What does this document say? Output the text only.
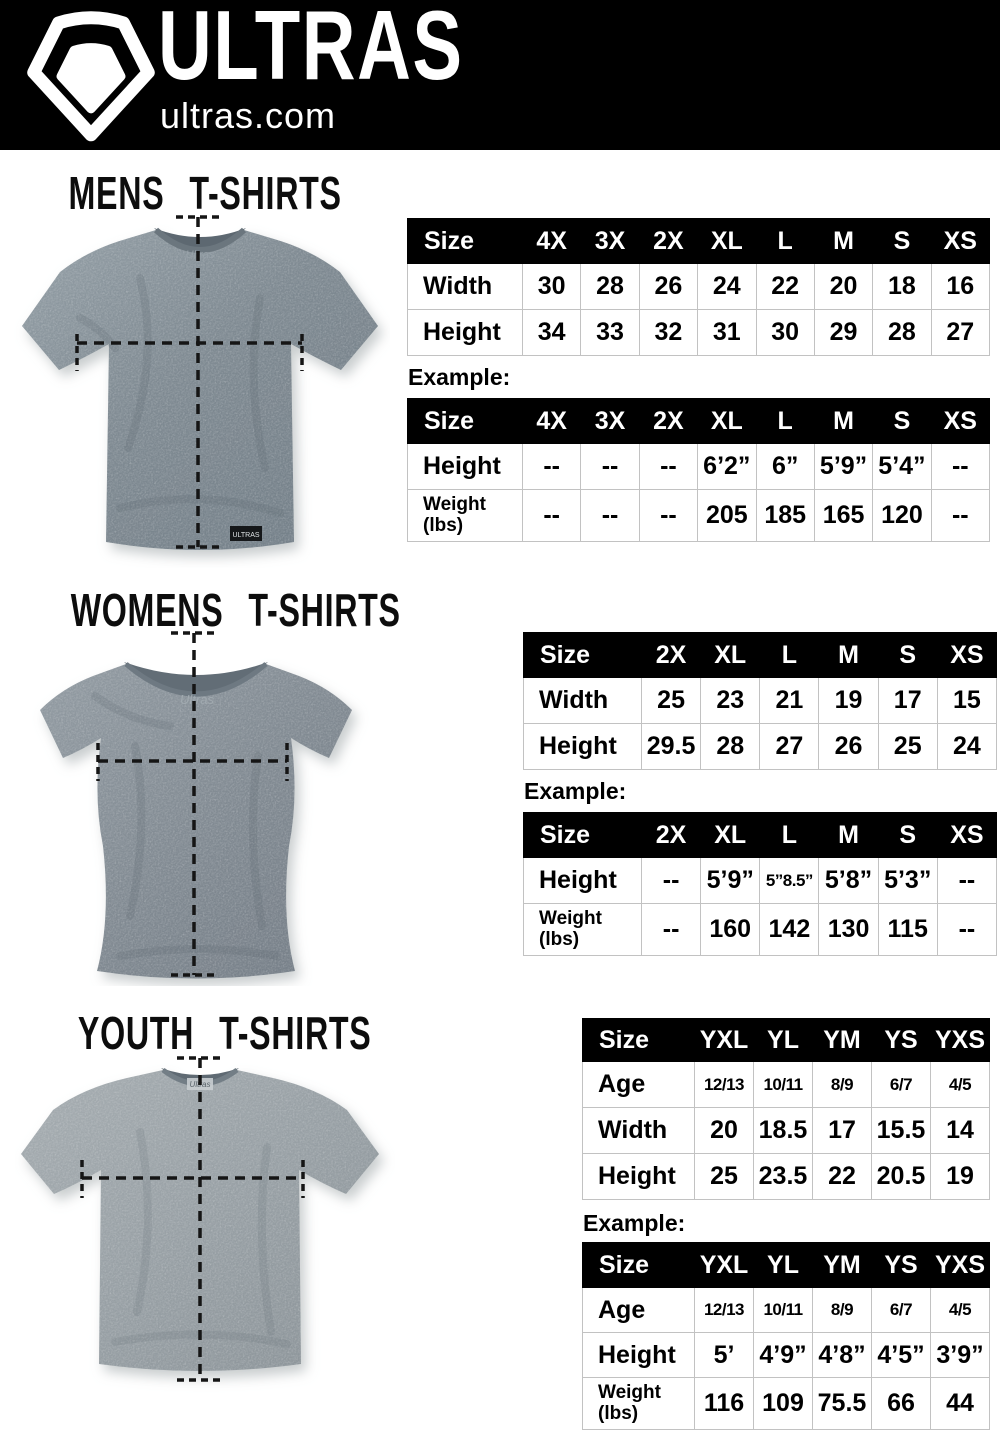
ULTRAS
ultras.com
MENS T-SHIRTS
ULTRAS
Ultras
Size	4X	3X	2X	XL	L	M	S	XS
Width	30	28	26	24	22	20	18	16
Height	34	33	32	31	30	29	28	27
Example:
Size	4X	3X	2X	XL	L	M	S	XS
Height	--	--	--	6’2”	6”	5’9”	5’4”	--

Weight
(lbs)	--	--	--	205	185	165	120	--
WOMENS T-SHIRTS
Ultras
Size	2X	XL	L	M	S	XS
Width	25	23	21	19	17	15
Height	29.5	28	27	26	25	24
Example:
Size	2X	XL	L	M	S	XS
Height	--	5’9”	5”8.5”	5’8”	5’3”	--

Weight
(lbs)	--	160	142	130	115	--
YOUTH T-SHIRTS
Ultras
Size	YXL	YL	YM	YS	YXS
Age	12/13	10/11	8/9	6/7	4/5
Width	20	18.5	17	15.5	14
Height	25	23.5	22	20.5	19
Example:
Size	YXL	YL	YM	YS	YXS
Age	12/13	10/11	8/9	6/7	4/5
Height	5’	4’9”	4’8”	4’5”	3’9”

Weight
(lbs)	116	109	75.5	66	44
